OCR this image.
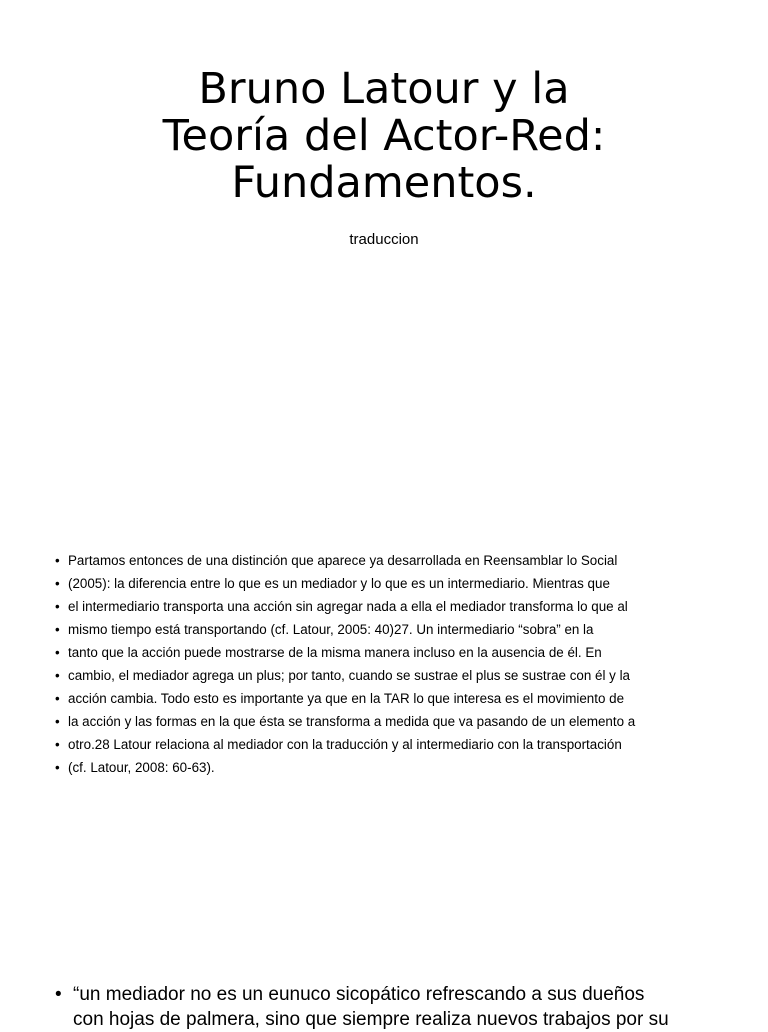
Bruno Latour y la
Teoría del Actor-Red:
Fundamentos.
traduccion
• Partamos entonces de una distinción que aparece ya desarrollada en Reensamblar lo Social
• (2005): la diferencia entre lo que es un mediador y lo que es un intermediario. Mientras que
• el intermediario transporta una acción sin agregar nada a ella el mediador transforma lo que al
• mismo tiempo está transportando (cf. Latour, 2005: 40)27. Un intermediario “sobra” en la
• tanto que la acción puede mostrarse de la misma manera incluso en la ausencia de él. En
• cambio, el mediador agrega un plus; por tanto, cuando se sustrae el plus se sustrae con él y la
• acción cambia. Todo esto es importante ya que en la TAR lo que interesa es el movimiento de
• la acción y las formas en la que ésta se transforma a medida que va pasando de un elemento a
• otro.28 Latour relaciona al mediador con la traducción y al intermediario con la transportación
• (cf. Latour, 2008: 60-63).
• “un mediador no es un eunuco sicopático refrescando a sus dueños
con hojas de palmera, sino que siempre realiza nuevos trabajos por su
